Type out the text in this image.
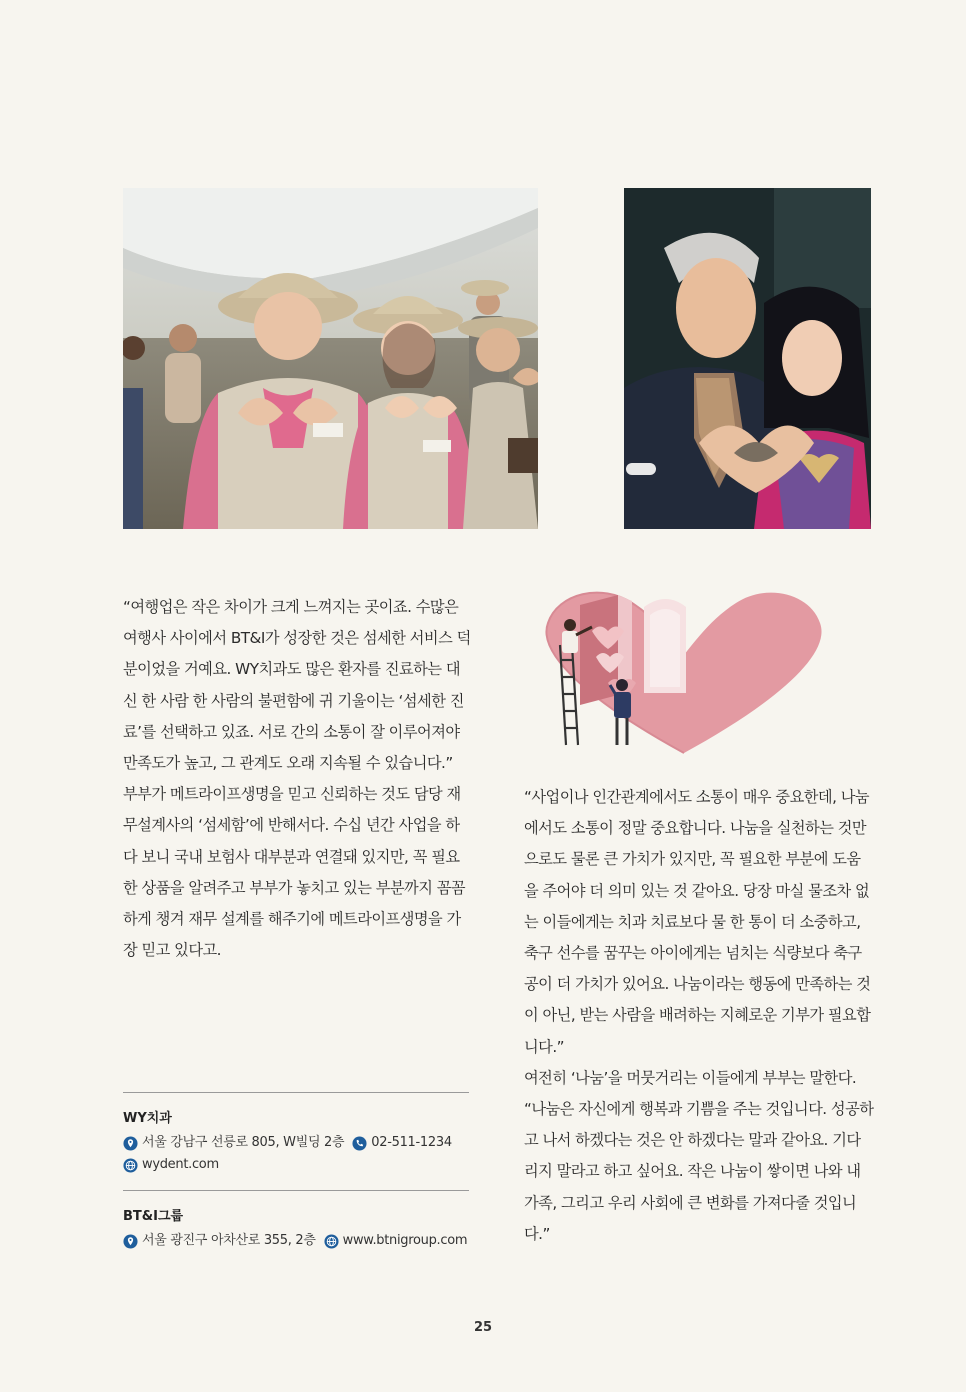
“여행업은 작은 차이가 크게 느껴지는 곳이죠. 수많은 여행사 사이에서 BT&I가 성장한 것은 섬세한 서비스 덕분이었을 거예요. WY치과도 많은 환자를 진료하는 대신 한 사람 한 사람의 불편함에 귀 기울이는 ‘섬세한 진료’를 선택하고 있죠. 서로 간의 소통이 잘 이루어져야 만족도가 높고, 그 관계도 오래 지속될 수 있습니다.”

부부가 메트라이프생명을 믿고 신뢰하는 것도 담당 재무설계사의 ‘섬세함’에 반해서다. 수십 년간 사업을 하다 보니 국내 보험사 대부분과 연결돼 있지만, 꼭 필요한 상품을 알려주고 부부가 놓치고 있는 부분까지 꼼꼼하게 챙겨 재무 설계를 해주기에 메트라이프생명을 가장 믿고 있다고.

“사업이나 인간관계에서도 소통이 매우 중요한데, 나눔에서도 소통이 정말 중요합니다. 나눔을 실천하는 것만으로도 물론 큰 가치가 있지만, 꼭 필요한 부분에 도움을 주어야 더 의미 있는 것 같아요. 당장 마실 물조차 없는 이들에게는 치과 치료보다 물 한 통이 더 소중하고, 축구 선수를 꿈꾸는 아이에게는 넘치는 식량보다 축구공이 더 가치가 있어요. 나눔이라는 행동에 만족하는 것이 아닌, 받는 사람을 배려하는 지혜로운 기부가 필요합니다.”

여전히 ‘나눔’을 머뭇거리는 이들에게 부부는 말한다.

“나눔은 자신에게 행복과 기쁨을 주는 것입니다. 성공하고 나서 하겠다는 것은 안 하겠다는 말과 같아요. 기다리지 말라고 하고 싶어요. 작은 나눔이 쌓이면 나와 내 가족, 그리고 우리 사회에 큰 변화를 가져다줄 것입니다.”

WY치과
서울 강남구 선릉로 805, W빌딩 2층 02-511-1234
wydent.com
BT&I그룹
서울 광진구 아차산로 355, 2층 www.btnigroup.com
25
